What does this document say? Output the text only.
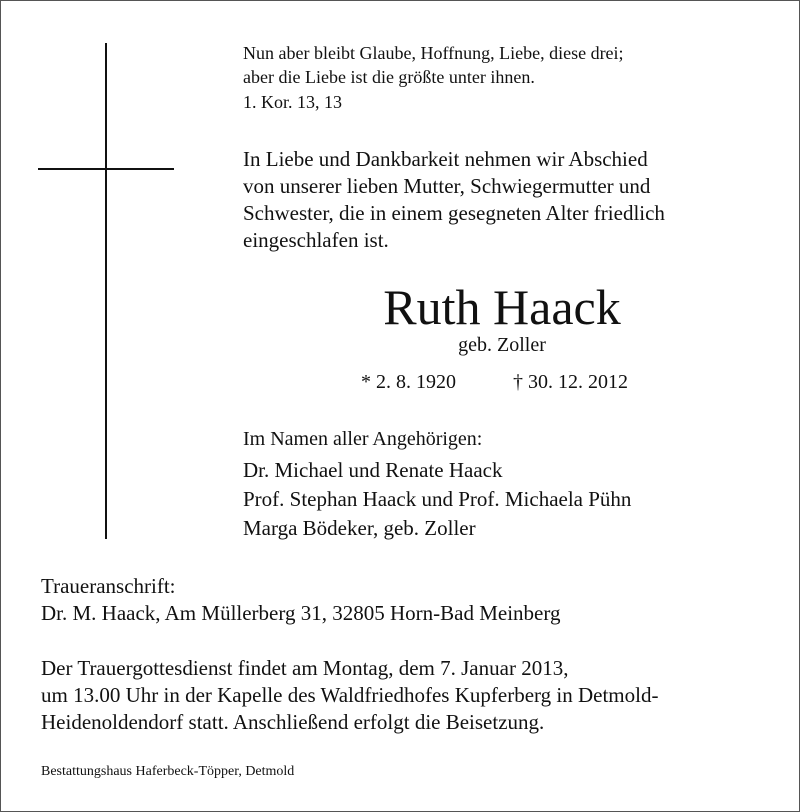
Nun aber bleibt Glaube, Hoffnung, Liebe, diese drei;
aber die Liebe ist die größte unter ihnen.
1. Kor. 13, 13
In Liebe und Dankbarkeit nehmen wir Abschied
von unserer lieben Mutter, Schwiegermutter und
Schwester, die in einem gesegneten Alter friedlich
eingeschlafen ist.
Ruth Haack
geb. Zoller
* 2. 8. 1920	† 30. 12. 2012
Im Namen aller Angehörigen:
Dr. Michael und Renate Haack
Prof. Stephan Haack und Prof. Michaela Pühn
Marga Bödeker, geb. Zoller
Traueranschrift:
Dr. M. Haack, Am Müllerberg 31, 32805 Horn-Bad Meinberg
Der Trauergottesdienst findet am Montag, dem 7. Januar 2013,
um 13.00 Uhr in der Kapelle des Waldfriedhofes Kupferberg in Detmold-
Heidenoldendorf statt. Anschließend erfolgt die Beisetzung.
Bestattungshaus Haferbeck-Töpper, Detmold
